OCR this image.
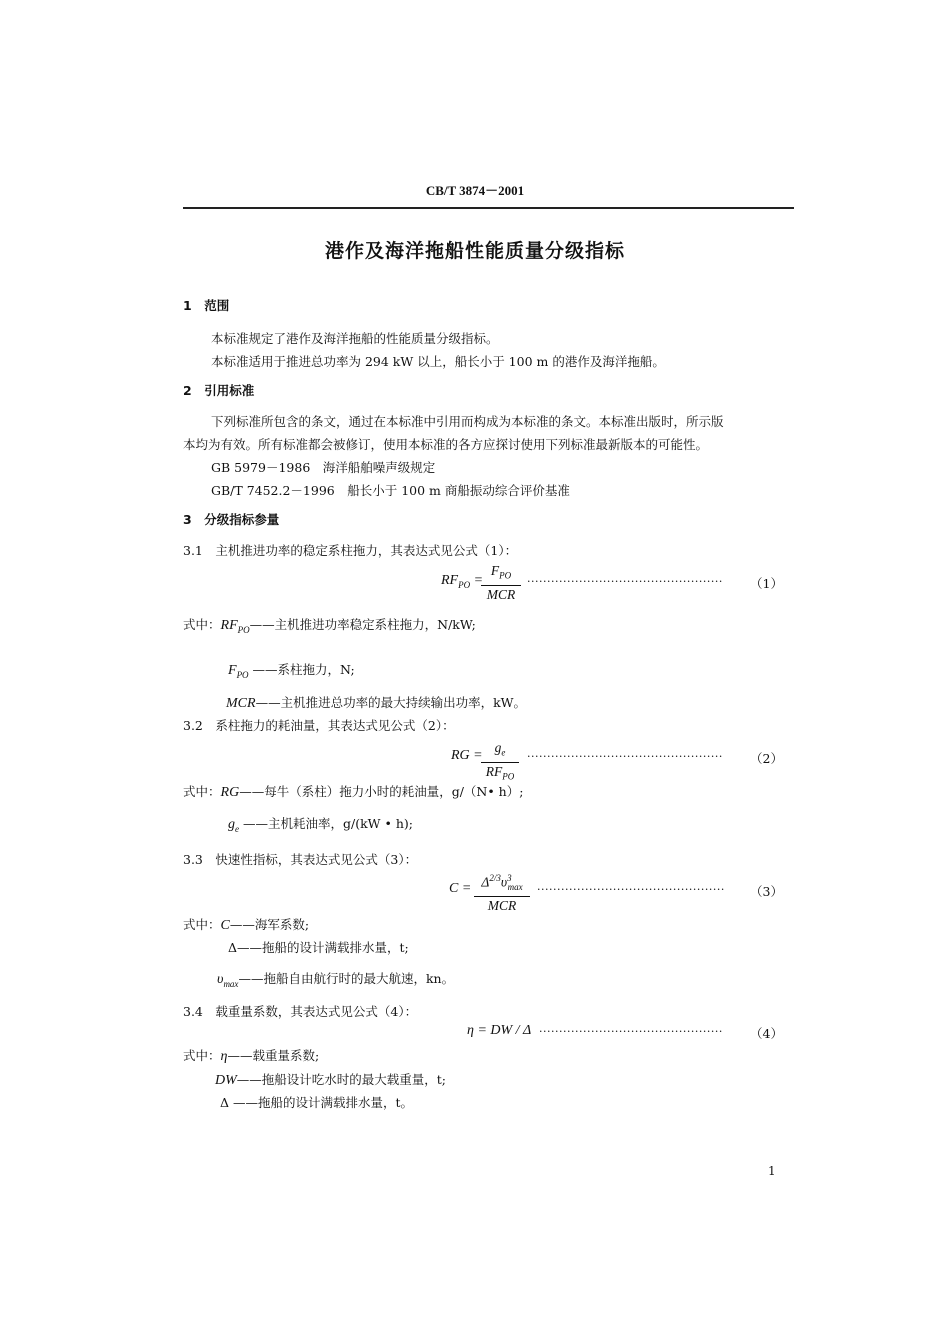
CB/T 3874－2001
港作及海洋拖船性能质量分级指标
1　范围
本标准规定了港作及海洋拖船的性能质量分级指标。
本标准适用于推进总功率为 294 kW 以上，船长小于 100 m 的港作及海洋拖船。
2　引用标准
下列标准所包含的条文，通过在本标准中引用而构成为本标准的条文。本标准出版时，所示版
本均为有效。所有标准都会被修订，使用本标准的各方应探讨使用下列标准最新版本的可能性。
GB 5979－1986　海洋船舶噪声级规定
GB/T 7452.2－1996　船长小于 100 m 商船振动综合评价基准
3　分级指标参量
3.1　主机推进功率的稳定系柱拖力，其表达式见公式（1）：
$RF_{PO}$ =
$F_{PO}$
MCR
················································· （1）
式中：$RF_{PO}——$主机推进功率稳定系柱拖力，N/kW;
$F_{PO}$ ——系柱拖力，N;
MCR——主机推进总功率的最大持续输出功率，kW。
3.2　系柱拖力的耗油量，其表达式见公式（2）：
RG =
$g_e$
$RF_{PO}$
················································· （2）
式中：RG——每牛（系柱）拖力小时的耗油量，g/（N• h）;
$g_e$ ——主机耗油率，g/(kW • h);
3.3　快速性指标，其表达式见公式（3）：
$C = \Delta^{2/3}\upsilon^3_{max}$
MCR
··············································· （3）
式中：C——海军系数;
Δ——拖船的设计满载排水量，t;
$\upsilon_{max}——$拖船自由航行时的最大航速，kn。
3.4　载重量系数，其表达式见公式（4）：
η = DW / Δ ·············································· （4）
式中：η——载重量系数;
DW——拖船设计吃水时的最大载重量，t;
Δ ——拖船的设计满载排水量，t。
1
